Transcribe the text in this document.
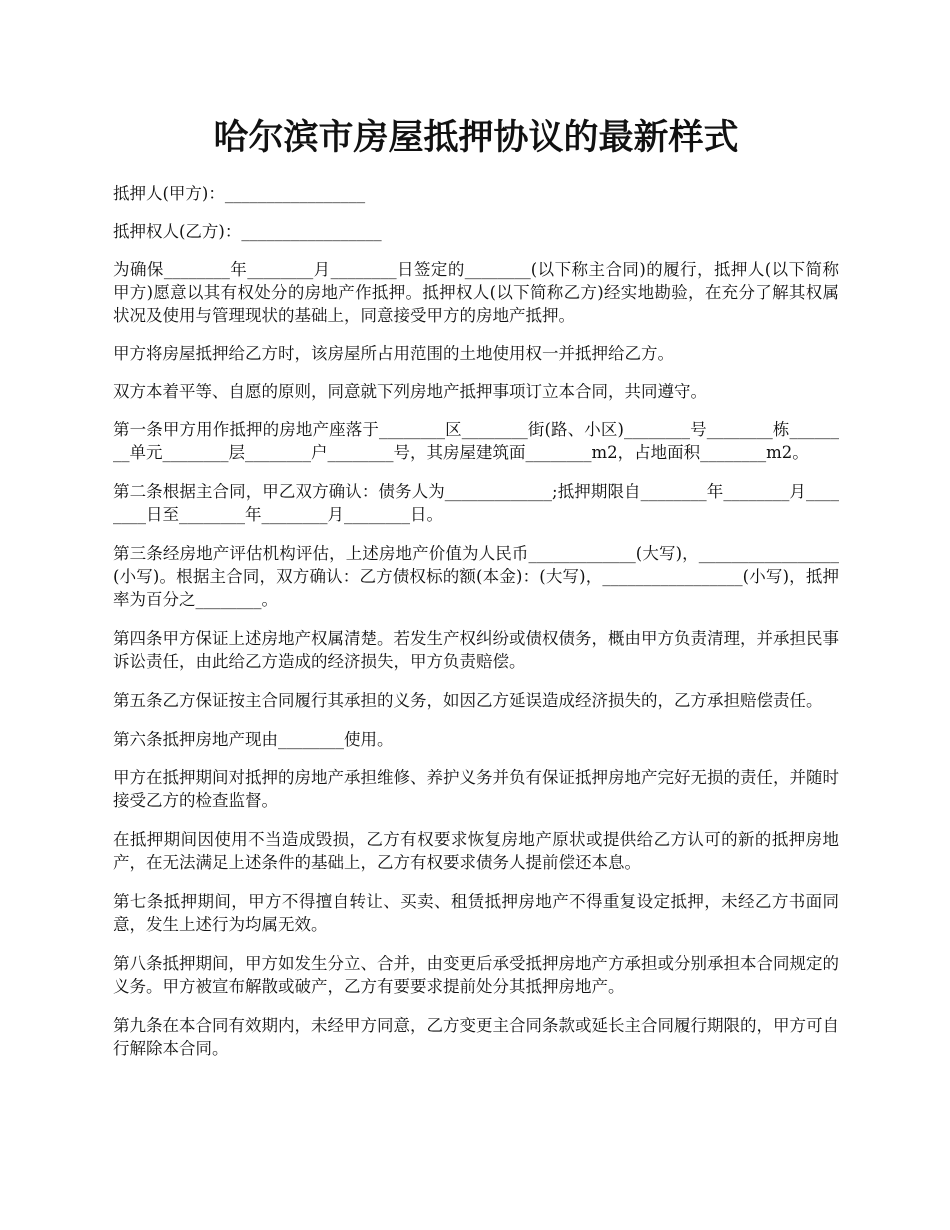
哈尔滨市房屋抵押协议的最新样式

抵押人(甲方)：_________________

抵押权人(乙方)：_________________

为确保________年________月________日签定的________(以下称主合同)的履行，抵押人(以下简称甲方)愿意以其有权处分的房地产作抵押。抵押权人(以下简称乙方)经实地勘验，在充分了解其权属状况及使用与管理现状的基础上，同意接受甲方的房地产抵押。

甲方将房屋抵押给乙方时，该房屋所占用范围的土地使用权一并抵押给乙方。

双方本着平等、自愿的原则，同意就下列房地产抵押事项订立本合同，共同遵守。

第一条甲方用作抵押的房地产座落于________区________街(路、小区)________号________栋________单元________层________户________号，其房屋建筑面________m2，占地面积________m2。

第二条根据主合同，甲乙双方确认：债务人为_____________;抵押期限自________年________月________日至________年________月________日。

第三条经房地产评估机构评估，上述房地产价值为人民币_____________(大写)，_________________(小写)。根据主合同，双方确认：乙方债权标的额(本金)：(大写)，_________________(小写)，抵押率为百分之________。

第四条甲方保证上述房地产权属清楚。若发生产权纠纷或债权债务，概由甲方负责清理，并承担民事诉讼责任，由此给乙方造成的经济损失，甲方负责赔偿。

第五条乙方保证按主合同履行其承担的义务，如因乙方延误造成经济损失的，乙方承担赔偿责任。

第六条抵押房地产现由________使用。

甲方在抵押期间对抵押的房地产承担维修、养护义务并负有保证抵押房地产完好无损的责任，并随时接受乙方的检查监督。

在抵押期间因使用不当造成毁损，乙方有权要求恢复房地产原状或提供给乙方认可的新的抵押房地产，在无法满足上述条件的基础上，乙方有权要求债务人提前偿还本息。

第七条抵押期间，甲方不得擅自转让、买卖、租赁抵押房地产不得重复设定抵押，未经乙方书面同意，发生上述行为均属无效。

第八条抵押期间，甲方如发生分立、合并，由变更后承受抵押房地产方承担或分别承担本合同规定的义务。甲方被宣布解散或破产，乙方有要要求提前处分其抵押房地产。

第九条在本合同有效期内，未经甲方同意，乙方变更主合同条款或延长主合同履行期限的，甲方可自行解除本合同。
